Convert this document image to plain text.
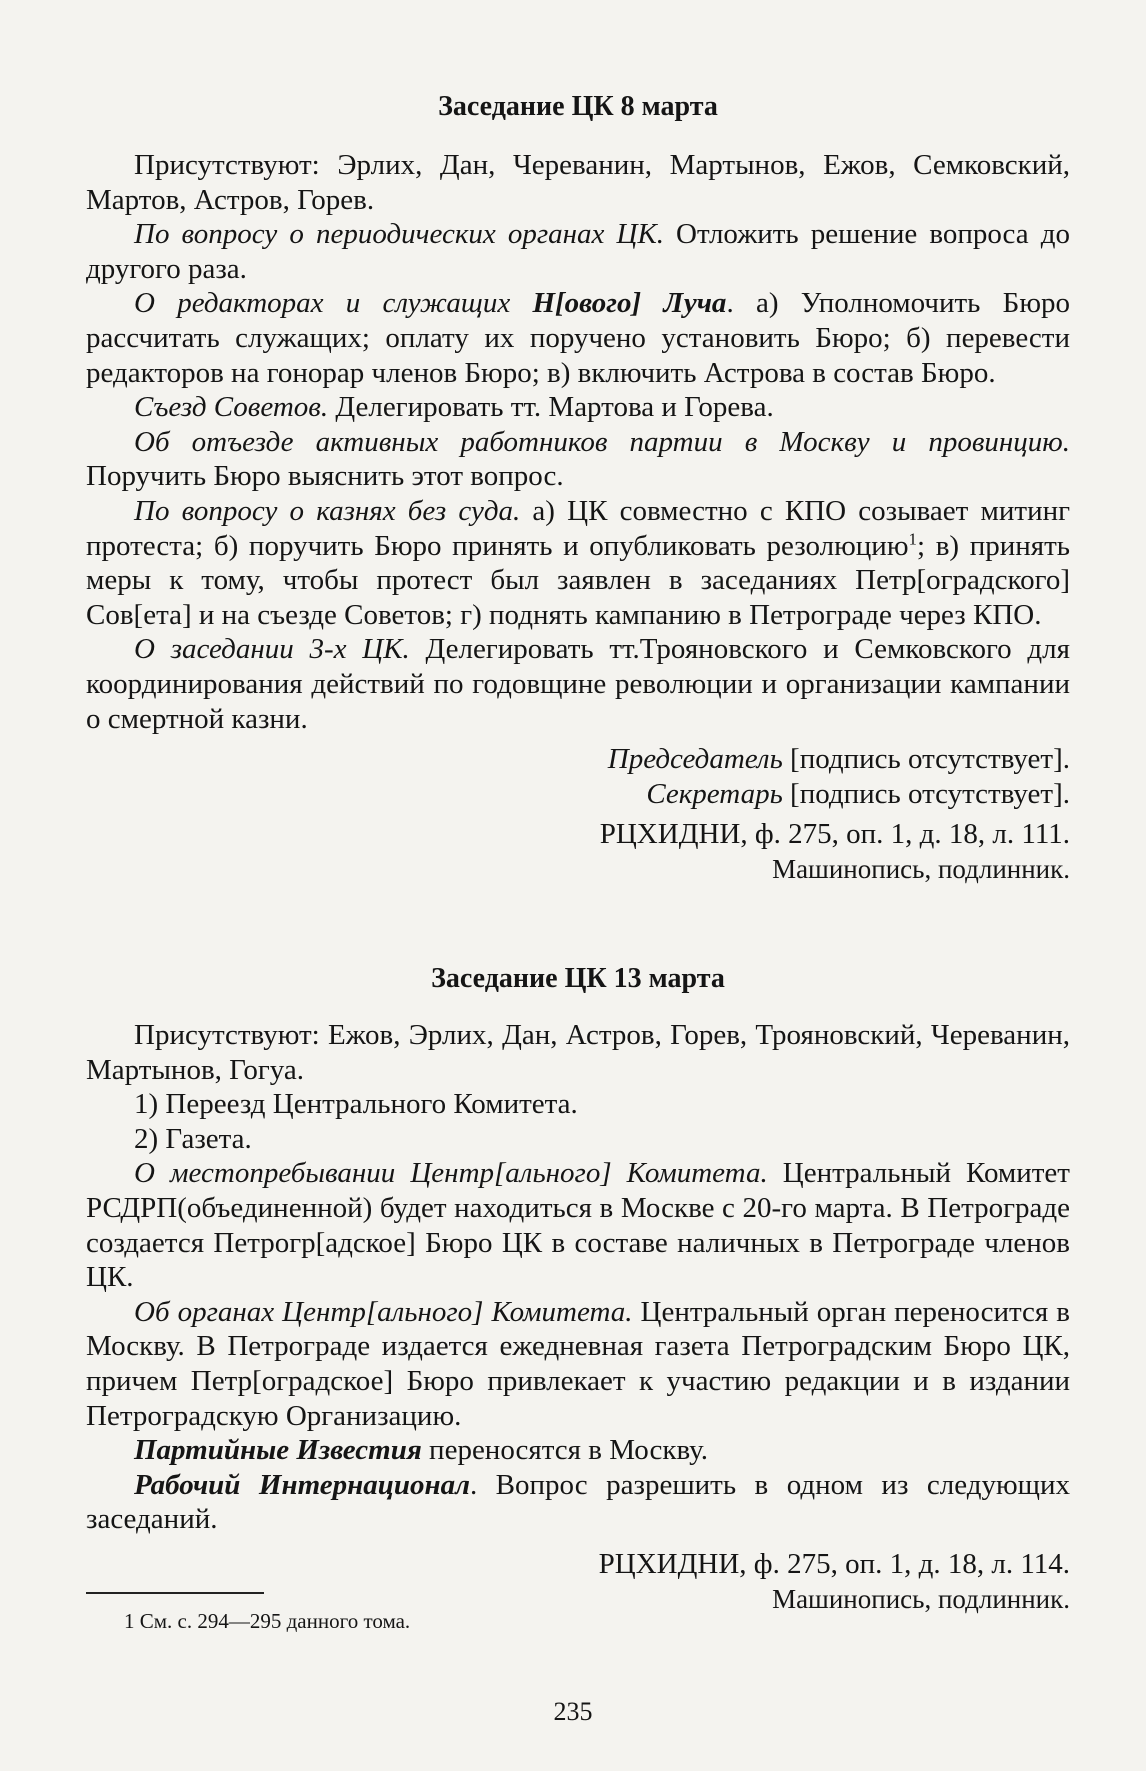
Заседание ЦК 8 марта

Присутствуют: Эрлих, Дан, Череванин, Мартынов, Ежов, Семковский, Мартов, Астров, Горев.

По вопросу о периодических органах ЦК. Отложить решение вопроса до другого раза.

О редакторах и служащих Н[ового] Луча. а) Уполномочить Бюро рассчитать служащих; оплату их поручено установить Бюро; б) перевести редакторов на гонорар членов Бюро; в) включить Астрова в состав Бюро.

Съезд Советов. Делегировать тт. Мартова и Горева.

Об отъезде активных работников партии в Москву и провинцию. Поручить Бюро выяснить этот вопрос.

По вопросу о казнях без суда. а) ЦК совместно с КПО созывает митинг протеста; б) поручить Бюро принять и опубликовать резолюцию$^1$; в) принять меры к тому, чтобы протест был заявлен в заседаниях Петр[оградского] Сов[ета] и на съезде Советов; г) поднять кампанию в Петрограде через КПО.

О заседании 3-х ЦК. Делегировать тт.Трояновского и Семковского для координирования действий по годовщине революции и организации кампании о смертной казни.

Председатель [подпись отсутствует].

Секретарь [подпись отсутствует].

РЦХИДНИ, ф. 275, оп. 1, д. 18, л. 111.

Машинопись, подлинник.

Заседание ЦК 13 марта

Присутствуют: Ежов, Эрлих, Дан, Астров, Горев, Трояновский, Череванин, Мартынов, Гогуа.

1) Переезд Центрального Комитета.

2) Газета.

О местопребывании Центр[ального] Комитета. Центральный Комитет РСДРП(объединенной) будет находиться в Москве с 20-го марта. В Петрограде создается Петрогр[адское] Бюро ЦК в составе наличных в Петрограде членов ЦК.

Об органах Центр[ального] Комитета. Центральный орган переносится в Москву. В Петрограде издается ежедневная газета Петроградским Бюро ЦК, причем Петр[оградское] Бюро привлекает к участию редакции и в издании Петроградскую Организацию.

Партийные Известия переносятся в Москву.

Рабочий Интернационал. Вопрос разрешить в одном из следующих заседаний.

РЦХИДНИ, ф. 275, оп. 1, д. 18, л. 114.

Машинопись, подлинник.

1 См. с. 294—295 данного тома.
235
